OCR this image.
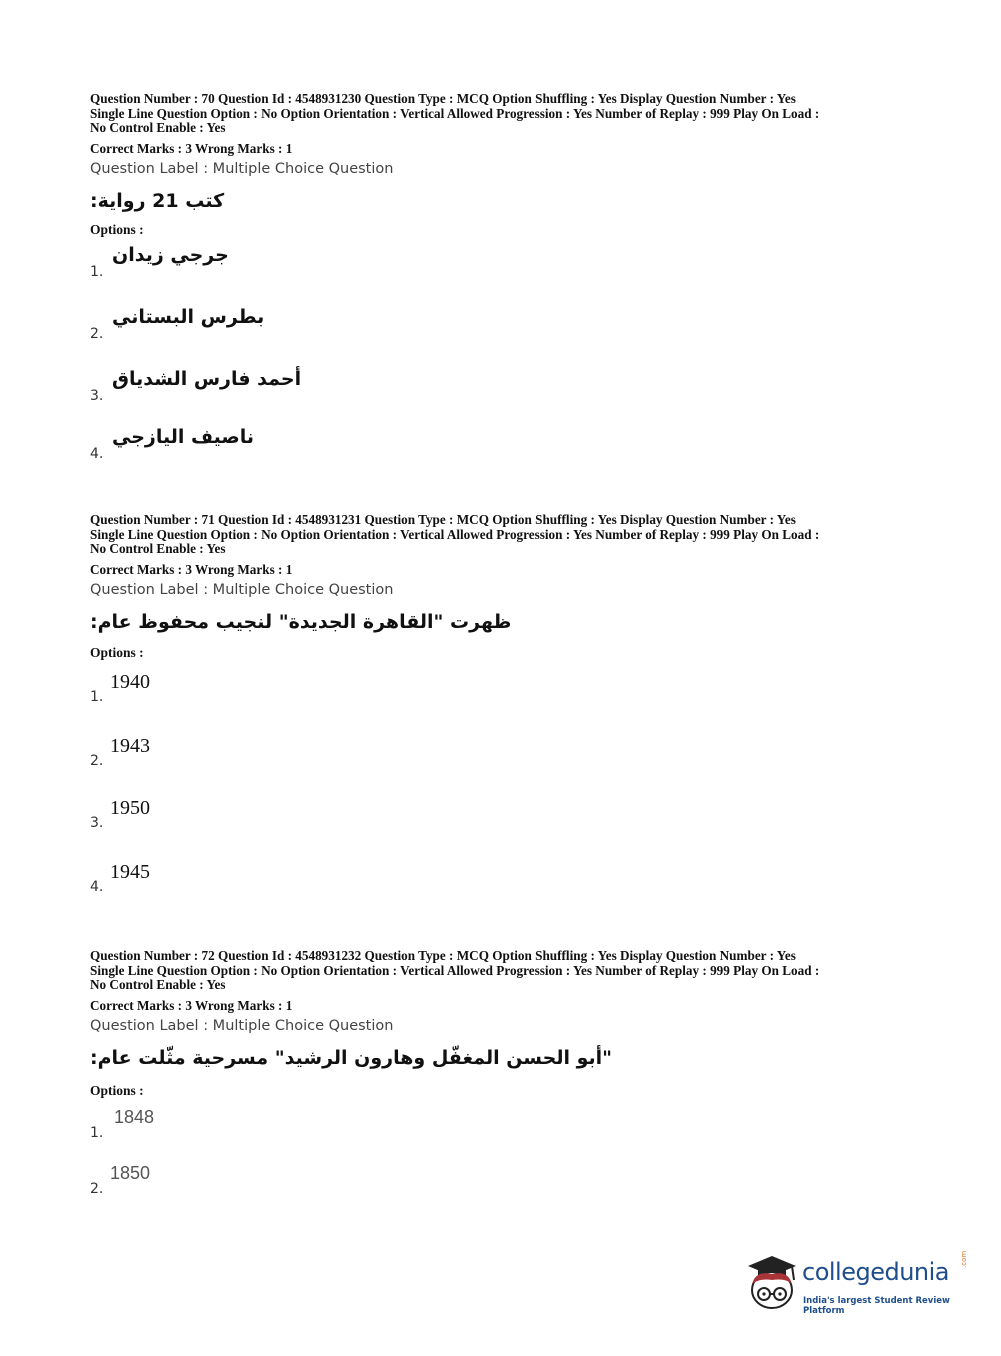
Question Number : 70 Question Id : 4548931230 Question Type : MCQ Option Shuffling : Yes Display Question Number : Yes
Single Line Question Option : No Option Orientation : Vertical Allowed Progression : Yes Number of Replay : 999 Play On Load :
No Control Enable : Yes
Correct Marks : 3 Wrong Marks : 1
Question Label : Multiple Choice Question
كتب 21 رواية:
Options :
1.
جرجي زيدان
2.
بطرس البستاني
3.
أحمد فارس الشدياق
4.
ناصيف اليازجي
Question Number : 71 Question Id : 4548931231 Question Type : MCQ Option Shuffling : Yes Display Question Number : Yes
Single Line Question Option : No Option Orientation : Vertical Allowed Progression : Yes Number of Replay : 999 Play On Load :
No Control Enable : Yes
Correct Marks : 3 Wrong Marks : 1
Question Label : Multiple Choice Question
ظهرت "القاهرة الجديدة" لنجيب محفوظ عام:
Options :
1.
1940
2.
1943
3.
1950
4.
1945
Question Number : 72 Question Id : 4548931232 Question Type : MCQ Option Shuffling : Yes Display Question Number : Yes
Single Line Question Option : No Option Orientation : Vertical Allowed Progression : Yes Number of Replay : 999 Play On Load :
No Control Enable : Yes
Correct Marks : 3 Wrong Marks : 1
Question Label : Multiple Choice Question
"أبو الحسن المغفّل وهارون الرشيد" مسرحية مثّلت عام:
Options :
1.
1848
2.
1850
collegedunia .com
India's largest Student Review Platform
